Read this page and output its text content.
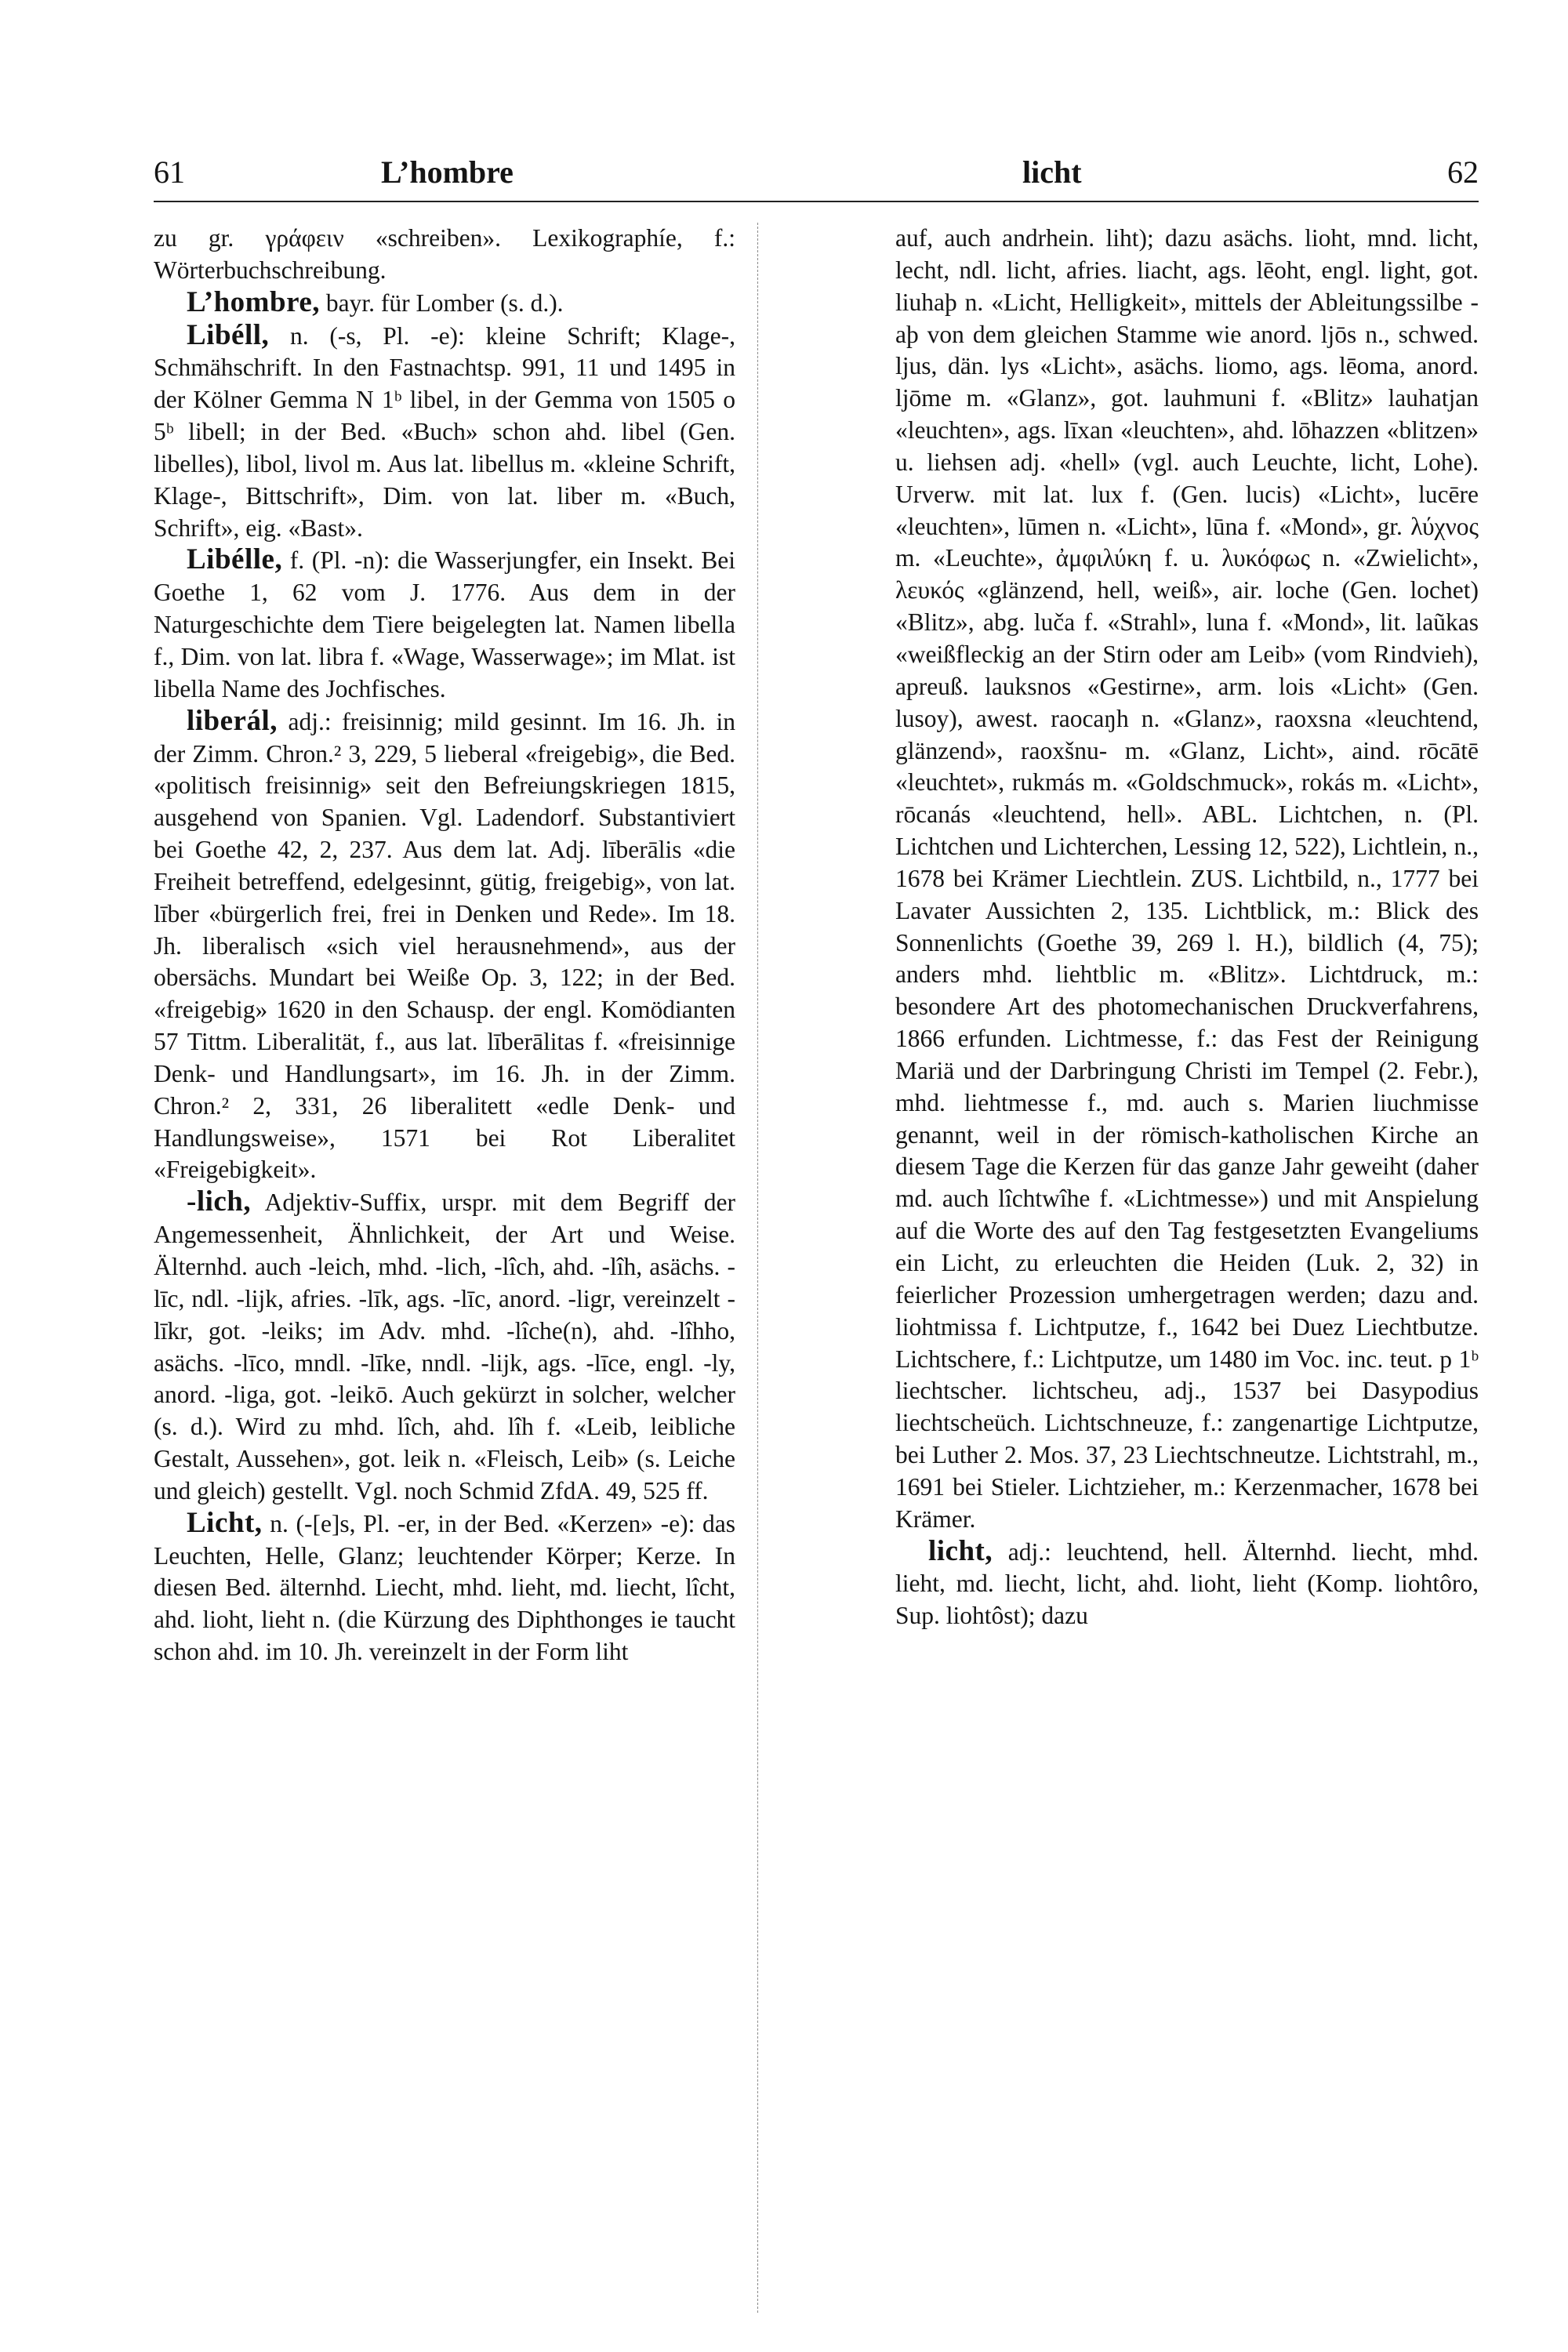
61	L’hombre	licht	62

zu gr. γράφειν «schreiben». Lexikographíe, f.: Wörterbuchschreibung.

L’hombre, bayr. für Lomber (s. d.).

Libéll, n. (-s, Pl. -e): kleine Schrift; Klage-, Schmähschrift. In den Fastnachtsp. 991, 11 und 1495 in der Kölner Gemma N 1ᵇ libel, in der Gemma von 1505 o 5ᵇ libell; in der Bed. «Buch» schon ahd. libel (Gen. libelles), libol, livol m. Aus lat. libellus m. «kleine Schrift, Klage-, Bittschrift», Dim. von lat. liber m. «Buch, Schrift», eig. «Bast».

Libélle, f. (Pl. -n): die Wasserjungfer, ein Insekt. Bei Goethe 1, 62 vom J. 1776. Aus dem in der Naturgeschichte dem Tiere beigelegten lat. Namen libella f., Dim. von lat. libra f. «Wage, Wasserwage»; im Mlat. ist libella Name des Jochfisches.

liberál, adj.: freisinnig; mild gesinnt. Im 16. Jh. in der Zimm. Chron.² 3, 229, 5 lieberal «freigebig», die Bed. «politisch freisinnig» seit den Befreiungskriegen 1815, ausgehend von Spanien. Vgl. Ladendorf. Substantiviert bei Goethe 42, 2, 237. Aus dem lat. Adj. līberālis «die Freiheit betreffend, edelgesinnt, gütig, freigebig», von lat. līber «bürgerlich frei, frei in Denken und Rede». Im 18. Jh. liberalisch «sich viel herausnehmend», aus der obersächs. Mundart bei Weiße Op. 3, 122; in der Bed. «freigebig» 1620 in den Schausp. der engl. Komödianten 57 Tittm. Liberalität, f., aus lat. līberālitas f. «freisinnige Denk- und Handlungsart», im 16. Jh. in der Zimm. Chron.² 2, 331, 26 liberalitett «edle Denk- und Handlungsweise», 1571 bei Rot Liberalitet «Freigebigkeit».

-lich, Adjektiv-Suffix, urspr. mit dem Begriff der Angemessenheit, Ähnlichkeit, der Art und Weise. Älternhd. auch -leich, mhd. -lich, -lîch, ahd. -lîh, asächs. -līc, ndl. -lijk, afries. -līk, ags. -līc, anord. -ligr, vereinzelt -līkr, got. -leiks; im Adv. mhd. -lîche(n), ahd. -lîhho, asächs. -līco, mndl. -līke, nndl. -lijk, ags. -līce, engl. -ly, anord. -liga, got. -leikō. Auch gekürzt in solcher, welcher (s. d.). Wird zu mhd. lîch, ahd. lîh f. «Leib, leibliche Gestalt, Aussehen», got. leik n. «Fleisch, Leib» (s. Leiche und gleich) gestellt. Vgl. noch Schmid ZfdA. 49, 525 ff.

Licht, n. (-[e]s, Pl. -er, in der Bed. «Kerzen» -e): das Leuchten, Helle, Glanz; leuchtender Körper; Kerze. In diesen Bed. älternhd. Liecht, mhd. lieht, md. liecht, lîcht, ahd. lioht, lieht n. (die Kürzung des Diphthonges ie taucht schon ahd. im 10. Jh. vereinzelt in der Form liht

auf, auch andrhein. liht); dazu asächs. lioht, mnd. licht, lecht, ndl. licht, afries. liacht, ags. lēoht, engl. light, got. liuhaþ n. «Licht, Helligkeit», mittels der Ableitungssilbe -aþ von dem gleichen Stamme wie anord. ljōs n., schwed. ljus, dän. lys «Licht», asächs. liomo, ags. lēoma, anord. ljōme m. «Glanz», got. lauhmuni f. «Blitz» lauhatjan «leuchten», ags. līxan «leuchten», ahd. lōhazzen «blitzen» u. liehsen adj. «hell» (vgl. auch Leuchte, licht, Lohe). Urverw. mit lat. lux f. (Gen. lucis) «Licht», lucēre «leuchten», lūmen n. «Licht», lūna f. «Mond», gr. λύχνος m. «Leuchte», ἀμφιλύκη f. u. λυκόφως n. «Zwielicht», λευκός «glänzend, hell, weiß», air. loche (Gen. lochet) «Blitz», abg. luča f. «Strahl», luna f. «Mond», lit. laũkas «weißfleckig an der Stirn oder am Leib» (vom Rindvieh), apreuß. lauksnos «Gestirne», arm. lois «Licht» (Gen. lusoy), awest. raocaŋh n. «Glanz», raoxsna «leuchtend, glänzend», raoxšnu- m. «Glanz, Licht», aind. rōcātē «leuchtet», rukmás m. «Goldschmuck», rokás m. «Licht», rōcanás «leuchtend, hell». ABL. Lichtchen, n. (Pl. Lichtchen und Lichterchen, Lessing 12, 522), Lichtlein, n., 1678 bei Krämer Liechtlein. ZUS. Lichtbild, n., 1777 bei Lavater Aussichten 2, 135. Lichtblick, m.: Blick des Sonnenlichts (Goethe 39, 269 l. H.), bildlich (4, 75); anders mhd. liehtblic m. «Blitz». Lichtdruck, m.: besondere Art des photomechanischen Druckverfahrens, 1866 erfunden. Lichtmesse, f.: das Fest der Reinigung Mariä und der Darbringung Christi im Tempel (2. Febr.), mhd. liehtmesse f., md. auch s. Marien liuchmisse genannt, weil in der römisch-katholischen Kirche an diesem Tage die Kerzen für das ganze Jahr geweiht (daher md. auch lîchtwîhe f. «Lichtmesse») und mit Anspielung auf die Worte des auf den Tag festgesetzten Evangeliums ein Licht, zu erleuchten die Heiden (Luk. 2, 32) in feierlicher Prozession umhergetragen werden; dazu and. liohtmissa f. Lichtputze, f., 1642 bei Duez Liechtbutze. Lichtschere, f.: Lichtputze, um 1480 im Voc. inc. teut. p 1ᵇ liechtscher. lichtscheu, adj., 1537 bei Dasypodius liechtscheüch. Lichtschneuze, f.: zangenartige Lichtputze, bei Luther 2. Mos. 37, 23 Liechtschneutze. Lichtstrahl, m., 1691 bei Stieler. Lichtzieher, m.: Kerzenmacher, 1678 bei Krämer.

licht, adj.: leuchtend, hell. Älternhd. liecht, mhd. lieht, md. liecht, licht, ahd. lioht, lieht (Komp. liohtôro, Sup. liohtôst); dazu
